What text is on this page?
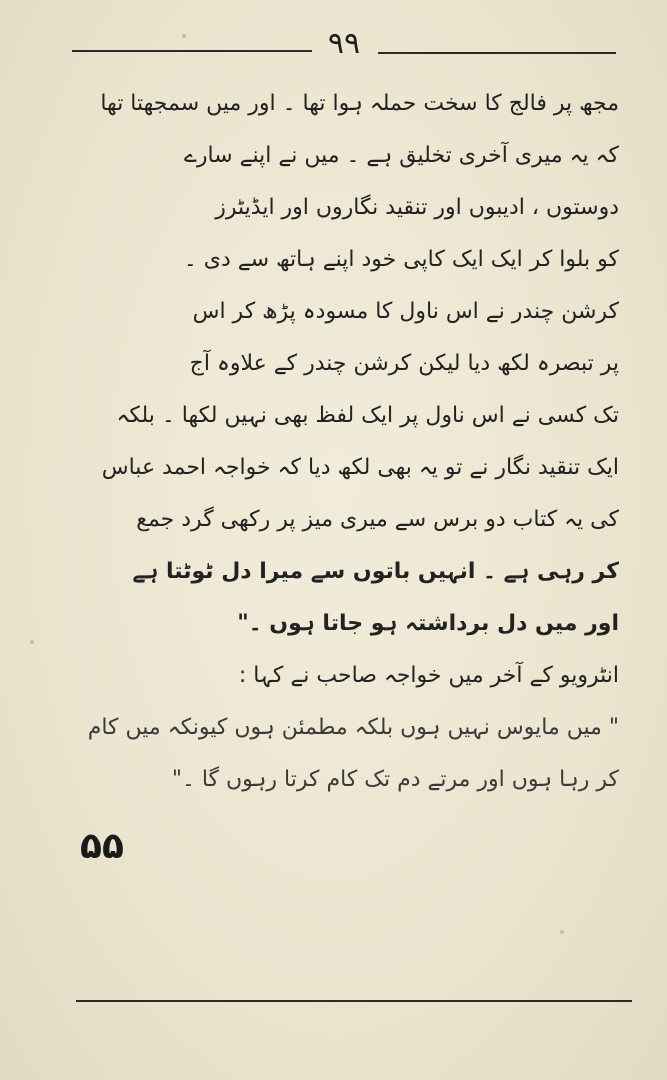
۹۹
مجھ پر فالج کا سخت حملہ ہوا تھا ۔ اور میں سمجھتا تھا
کہ یہ میری آخری تخلیق ہے ۔ میں نے اپنے سارے
دوستوں ، ادیبوں اور تنقید نگاروں اور ایڈیٹرز
کو بلوا کر ایک ایک کاپی خود اپنے ہاتھ سے دی ۔
کرشن چندر نے اس ناول کا مسودہ پڑھ کر اس
پر تبصرہ لکھ دیا لیکن کرشن چندر کے علاوہ آج
تک کسی نے اس ناول پر ایک لفظ بھی نہیں لکھا ۔ بلکہ
ایک تنقید نگار نے تو یہ بھی لکھ دیا کہ خواجہ احمد عباس
کی یہ کتاب دو برس سے میری میز پر رکھی گرد جمع
کر رہی ہے ۔ انہیں باتوں سے میرا دل ٹوٹتا ہے
اور میں دل برداشتہ ہو جاتا ہوں ۔"
انٹرویو کے آخر میں خواجہ صاحب نے کہا :
" میں مایوس نہیں ہوں بلکہ مطمئن ہوں کیونکہ میں کام
کر رہا ہوں اور مرتے دم تک کام کرتا رہوں گا ۔"
۵۵
